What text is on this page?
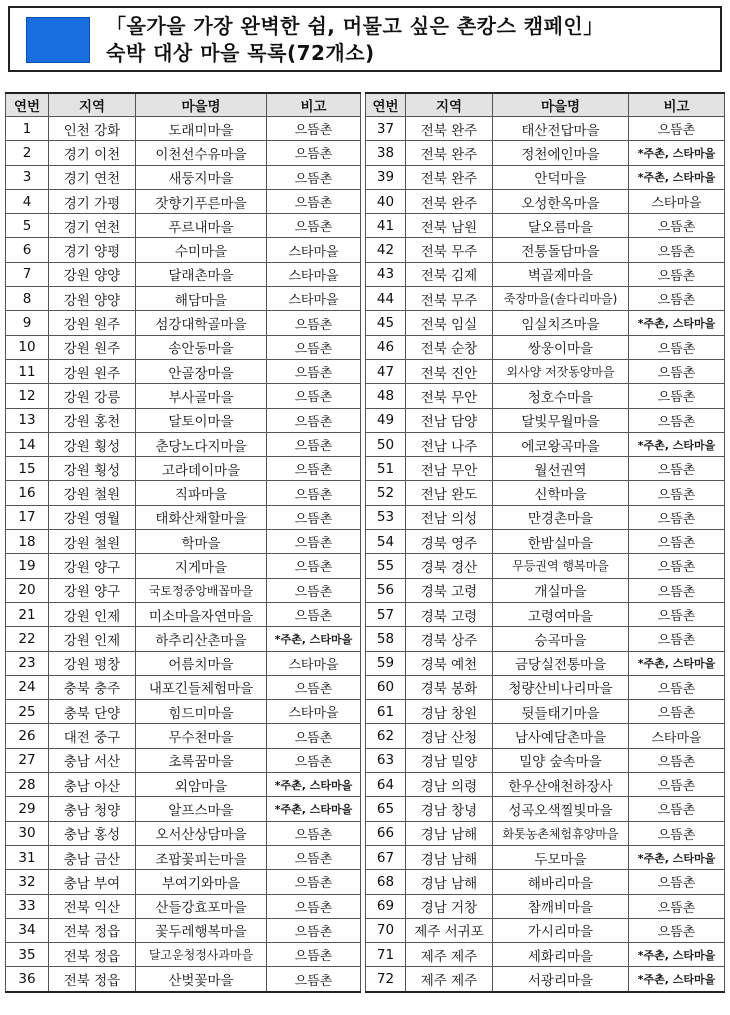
「올가을 가장 완벽한 쉼, 머물고 싶은 촌캉스 캠페인」
숙박 대상 마을 목록(72개소)
연번	지역	마을명	비고
1	인천 강화	도래미마을	으뜸촌
2	경기 이천	이천선수유마을	으뜸촌
3	경기 연천	새둥지마을	으뜸촌
4	경기 가평	잣향기푸른마을	으뜸촌
5	경기 연천	푸르내마을	으뜸촌
6	경기 양평	수미마을	스타마을
7	강원 양양	달래촌마을	스타마을
8	강원 양양	해담마을	스타마을
9	강원 원주	섬강대학골마을	으뜸촌
10	강원 원주	송안동마을	으뜸촌
11	강원 원주	안골장마을	으뜸촌
12	강원 강릉	부사골마을	으뜸촌
13	강원 홍천	달토이마을	으뜸촌
14	강원 횡성	춘당노다지마을	으뜸촌
15	강원 횡성	고라데이마을	으뜸촌
16	강원 철원	직파마을	으뜸촌
17	강원 영월	태화산채할마을	으뜸촌
18	강원 철원	학마을	으뜸촌
19	강원 양구	지게마을	으뜸촌
20	강원 양구	국토정중앙배꼽마을	으뜸촌
21	강원 인제	미소마을자연마을	으뜸촌
22	강원 인제	하추리산촌마을	*주촌, 스타마을
23	강원 평창	어름치마을	스타마을
24	충북 충주	내포긴들체험마을	으뜸촌
25	충북 단양	힘드미마을	스타마을
26	대전 중구	무수천마을	으뜸촌
27	충남 서산	초록꿈마을	으뜸촌
28	충남 아산	외암마을	*주촌, 스타마을
29	충남 청양	알프스마을	*주촌, 스타마을
30	충남 홍성	오서산상담마을	으뜸촌
31	충남 금산	조팝꽃피는마을	으뜸촌
32	충남 부여	부여기와마을	으뜸촌
33	전북 익산	산들강효포마을	으뜸촌
34	전북 정읍	꽃두레행복마을	으뜸촌
35	전북 정읍	달고운청정사과마을	으뜸촌
36	전북 정읍	산벚꽃마을	으뜸촌
연번	지역	마을명	비고
37	전북 완주	태산전답마을	으뜸촌
38	전북 완주	정천에인마을	*주촌, 스타마을
39	전북 완주	안덕마을	*주촌, 스타마을
40	전북 완주	오성한옥마을	스타마을
41	전북 남원	달오름마을	으뜸촌
42	전북 무주	전통돌담마을	으뜸촌
43	전북 김제	벽골제마을	으뜸촌
44	전북 무주	죽장마을(솔다리마을)	으뜸촌
45	전북 임실	임실치즈마을	*주촌, 스타마을
46	전북 순창	쌍웅이마을	으뜸촌
47	전북 진안	외사양 저잣동양마을	으뜸촌
48	전북 무안	청호수마을	으뜸촌
49	전남 담양	달빛무월마을	으뜸촌
50	전남 나주	에코왕곡마을	*주촌, 스타마을
51	전남 무안	월선권역	으뜸촌
52	전남 완도	신학마을	으뜸촌
53	전남 의성	만경촌마을	으뜸촌
54	경북 영주	한밤실마을	으뜸촌
55	경북 경산	무등권역 행복마을	으뜸촌
56	경북 고령	개실마을	으뜸촌
57	경북 고령	고령여마을	으뜸촌
58	경북 상주	승곡마을	으뜸촌
59	경북 예천	금당실전통마을	*주촌, 스타마을
60	경북 봉화	청량산비나리마을	으뜸촌
61	경남 창원	뒷들태기마을	으뜸촌
62	경남 산청	남사예담촌마을	스타마을
63	경남 밀양	밀양 숲속마을	으뜸촌
64	경남 의령	한우산애천하장사	으뜸촌
65	경남 창녕	성곡오색찔빛마을	으뜸촌
66	경남 남해	화톳농촌체험휴양마을	으뜸촌
67	경남 남해	두모마을	*주촌, 스타마을
68	경남 남해	해바리마을	으뜸촌
69	경남 거창	참깨비마을	으뜸촌
70	제주 서귀포	가시리마을	으뜸촌
71	제주 제주	세화리마을	*주촌, 스타마을
72	제주 제주	서광리마을	*주촌, 스타마을
